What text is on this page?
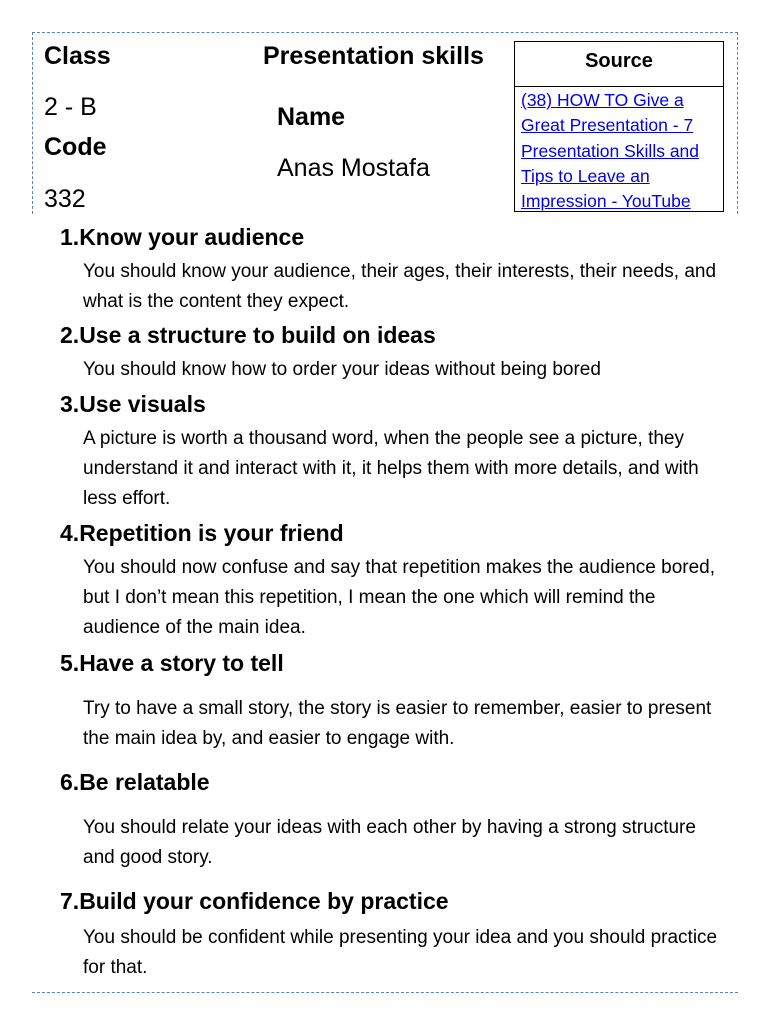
Class
2 - B
Code
332
Presentation skills
Name
Anas Mostafa
Source
(38) HOW TO Give a Great Presentation - 7 Presentation Skills and Tips to Leave an Impression - YouTube
1.Know your audience
You should know your audience, their ages, their interests, their needs, and what is the content they expect.
2.Use a structure to build on ideas
You should know how to order your ideas without being bored
3.Use visuals
A picture is worth a thousand word, when the people see a picture, they understand it and interact with it, it helps them with more details, and with less effort.
4.Repetition is your friend
You should now confuse and say that repetition makes the audience bored, but I don’t mean this repetition, I mean the one which will remind the audience of the main idea.
5.Have a story to tell
Try to have a small story, the story is easier to remember, easier to present the main idea by, and easier to engage with.
6.Be relatable
You should relate your ideas with each other by having a strong structure and good story.
7.Build your confidence by practice
You should be confident while presenting your idea and you should practice for that.
